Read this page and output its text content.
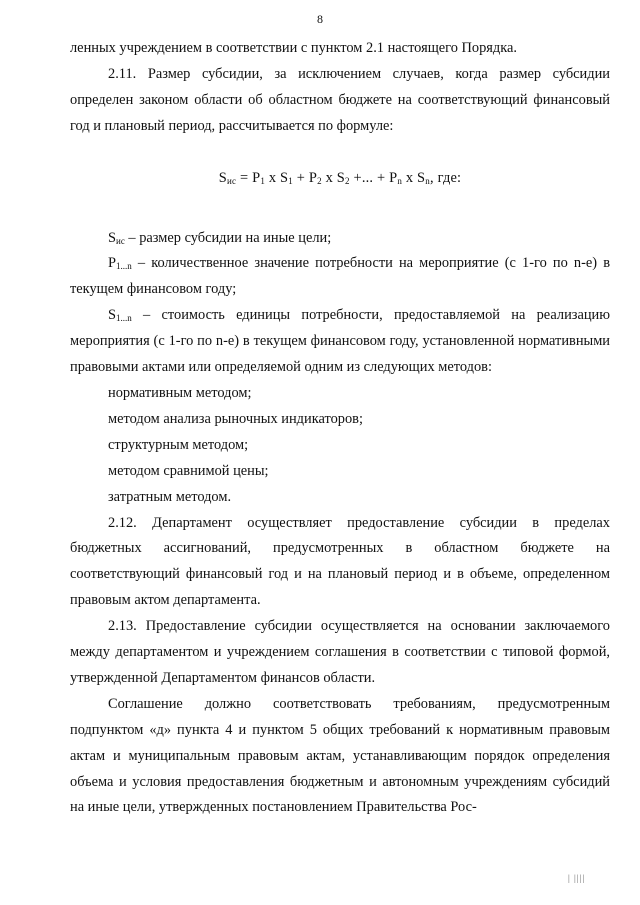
8

ленных учреждением в соответствии с пунктом 2.1 настоящего Порядка.

2.11. Размер субсидии, за исключением случаев, когда размер субсидии определен законом области об областном бюджете на соответствующий финансовый год и плановый период, рассчитывается по формуле:

$S_{ис} = P_1$ x $S_1 + P_2$ x $S_2$ +... + $P_n$ x $S_n$, где:

$S_{ис}$ – размер субсидии на иные цели;

$P_{1...n}$ – количественное значение потребности на мероприятие (с 1-го по n-е) в текущем финансовом году;

$S_{1...n}$ – стоимость единицы потребности, предоставляемой на реализацию мероприятия (с 1-го по n-е) в текущем финансовом году, установленной нормативными правовыми актами или определяемой одним из следующих методов:

нормативным методом;

методом анализа рыночных индикаторов;

структурным методом;

методом сравнимой цены;

затратным методом.

2.12. Департамент осуществляет предоставление субсидии в пределах бюджетных ассигнований, предусмотренных в областном бюджете на соответствующий финансовый год и на плановый период и в объеме, определенном правовым актом департамента.

2.13. Предоставление субсидии осуществляется на основании заключаемого между департаментом и учреждением соглашения в соответствии с типовой формой, утвержденной Департаментом финансов области.

Соглашение должно соответствовать требованиям, предусмотренным подпунктом «д» пункта 4 и пунктом 5 общих требований к нормативным правовым актам и муниципальным правовым актам, устанавливающим порядок определения объема и условия предоставления бюджетным и автономным учреждениям субсидий на иные цели, утвержденных постановлением Правительства Рос-

| ||||
